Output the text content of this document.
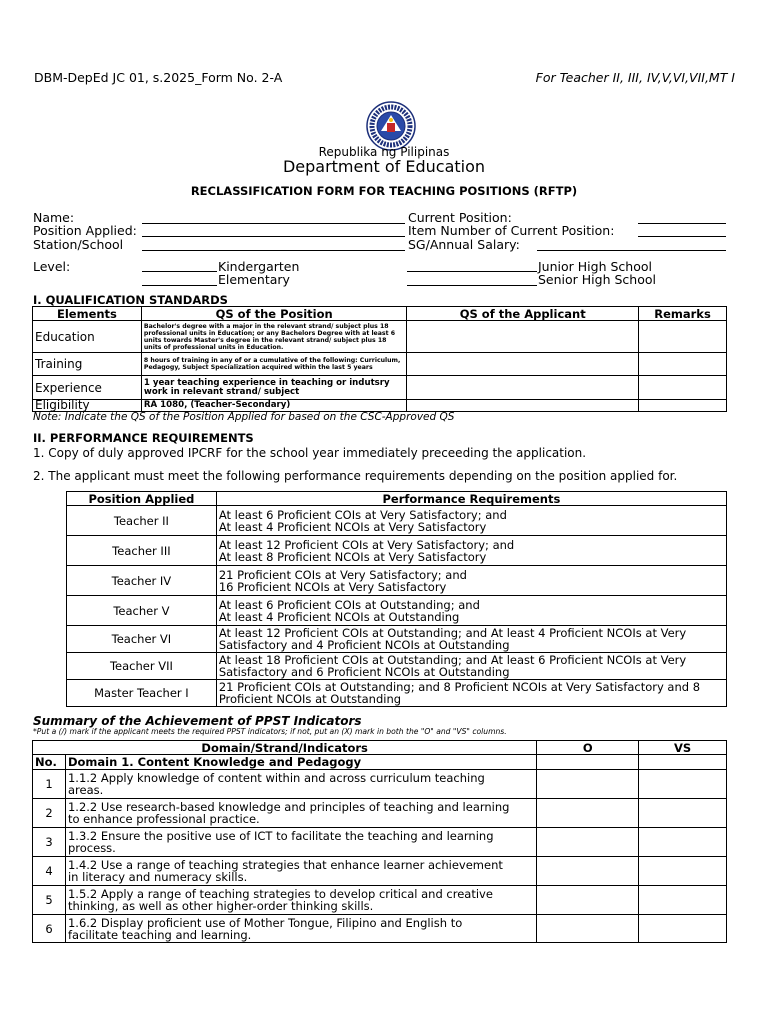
DBM-DepEd JC 01, s.2025_Form No. 2-A	For Teacher II, III, IV,V,VI,VII,MT I
Republika ng Pilipinas
Department of Education
RECLASSIFICATION FORM FOR TEACHING POSITIONS (RFTP)
Name:
Position Applied:
Station/School
Current Position:
Item Number of Current Position:
SG/Annual Salary:
Level:	Kindergarten
Elementary
Junior High School
Senior High School
I. QUALIFICATION STANDARDS
Elements	QS of the Position	QS of the Applicant	Remarks
Education	Bachelor's degree with a major in the relevant strand/ subject plus 18 professional units in Education; or any Bachelors Degree with at least 6 units towards Master's degree in the relevant strand/ subject plus 18 units of professional units in Education.		
Training	8 hours of training in any of or a cumulative of the following: Curriculum, Pedagogy, Subject Specialization acquired within the last 5 years		
Experience	1 year teaching experience in teaching or indutsry work in relevant strand/ subject		
Eligibility	RA 1080, (Teacher-Secondary)		
Note: Indicate the QS of the Position Applied for based on the CSC-Approved QS
II. PERFORMANCE REQUIREMENTS
1. Copy of duly approved IPCRF for the school year immediately preceeding the application.
2. The applicant must meet the following performance requirements depending on the position applied for.
Position Applied	Performance Requirements
Teacher II	At least 6 Proficient COIs at Very Satisfactory; and
At least 4 Proficient NCOIs at Very Satisfactory
Teacher III	At least 12 Proficient COIs at Very Satisfactory; and
At least 8 Proficient NCOIs at Very Satisfactory
Teacher IV	21 Proficient COIs at Very Satisfactory; and
16 Proficient NCOIs at Very Satisfactory
Teacher V	At least 6 Proficient COIs at Outstanding; and
At least 4 Proficient NCOIs at Outstanding
Teacher VI	At least 12 Proficient COIs at Outstanding; and At least 4 Proficient NCOIs at Very
Satisfactory and 4 Proficient NCOIs at Outstanding
Teacher VII	At least 18 Proficient COIs at Outstanding; and At least 6 Proficient NCOIs at Very
Satisfactory and 6 Proficient NCOIs at Outstanding
Master Teacher I	21 Proficient COIs at Outstanding; and 8 Proficient NCOIs at Very Satisfactory and 8
Proficient NCOIs at Outstanding
Summary of the Achievement of PPST Indicators
*Put a (/) mark if the applicant meets the required PPST indicators; if not, put an (X) mark in both the "O" and "VS" columns.
Domain/Strand/Indicators		O	VS
No.	Domain 1. Content Knowledge and Pedagogy		
1	1.1.2 Apply knowledge of content within and across curriculum teaching
areas.		
2	1.2.2 Use research-based knowledge and principles of teaching and learning
to enhance professional practice.		
3	1.3.2 Ensure the positive use of ICT to facilitate the teaching and learning
process.		
4	1.4.2 Use a range of teaching strategies that enhance learner achievement
in literacy and numeracy skills.		
5	1.5.2 Apply a range of teaching strategies to develop critical and creative
thinking, as well as other higher-order thinking skills.		
6	1.6.2 Display proficient use of Mother Tongue, Filipino and English to
facilitate teaching and learning.		
